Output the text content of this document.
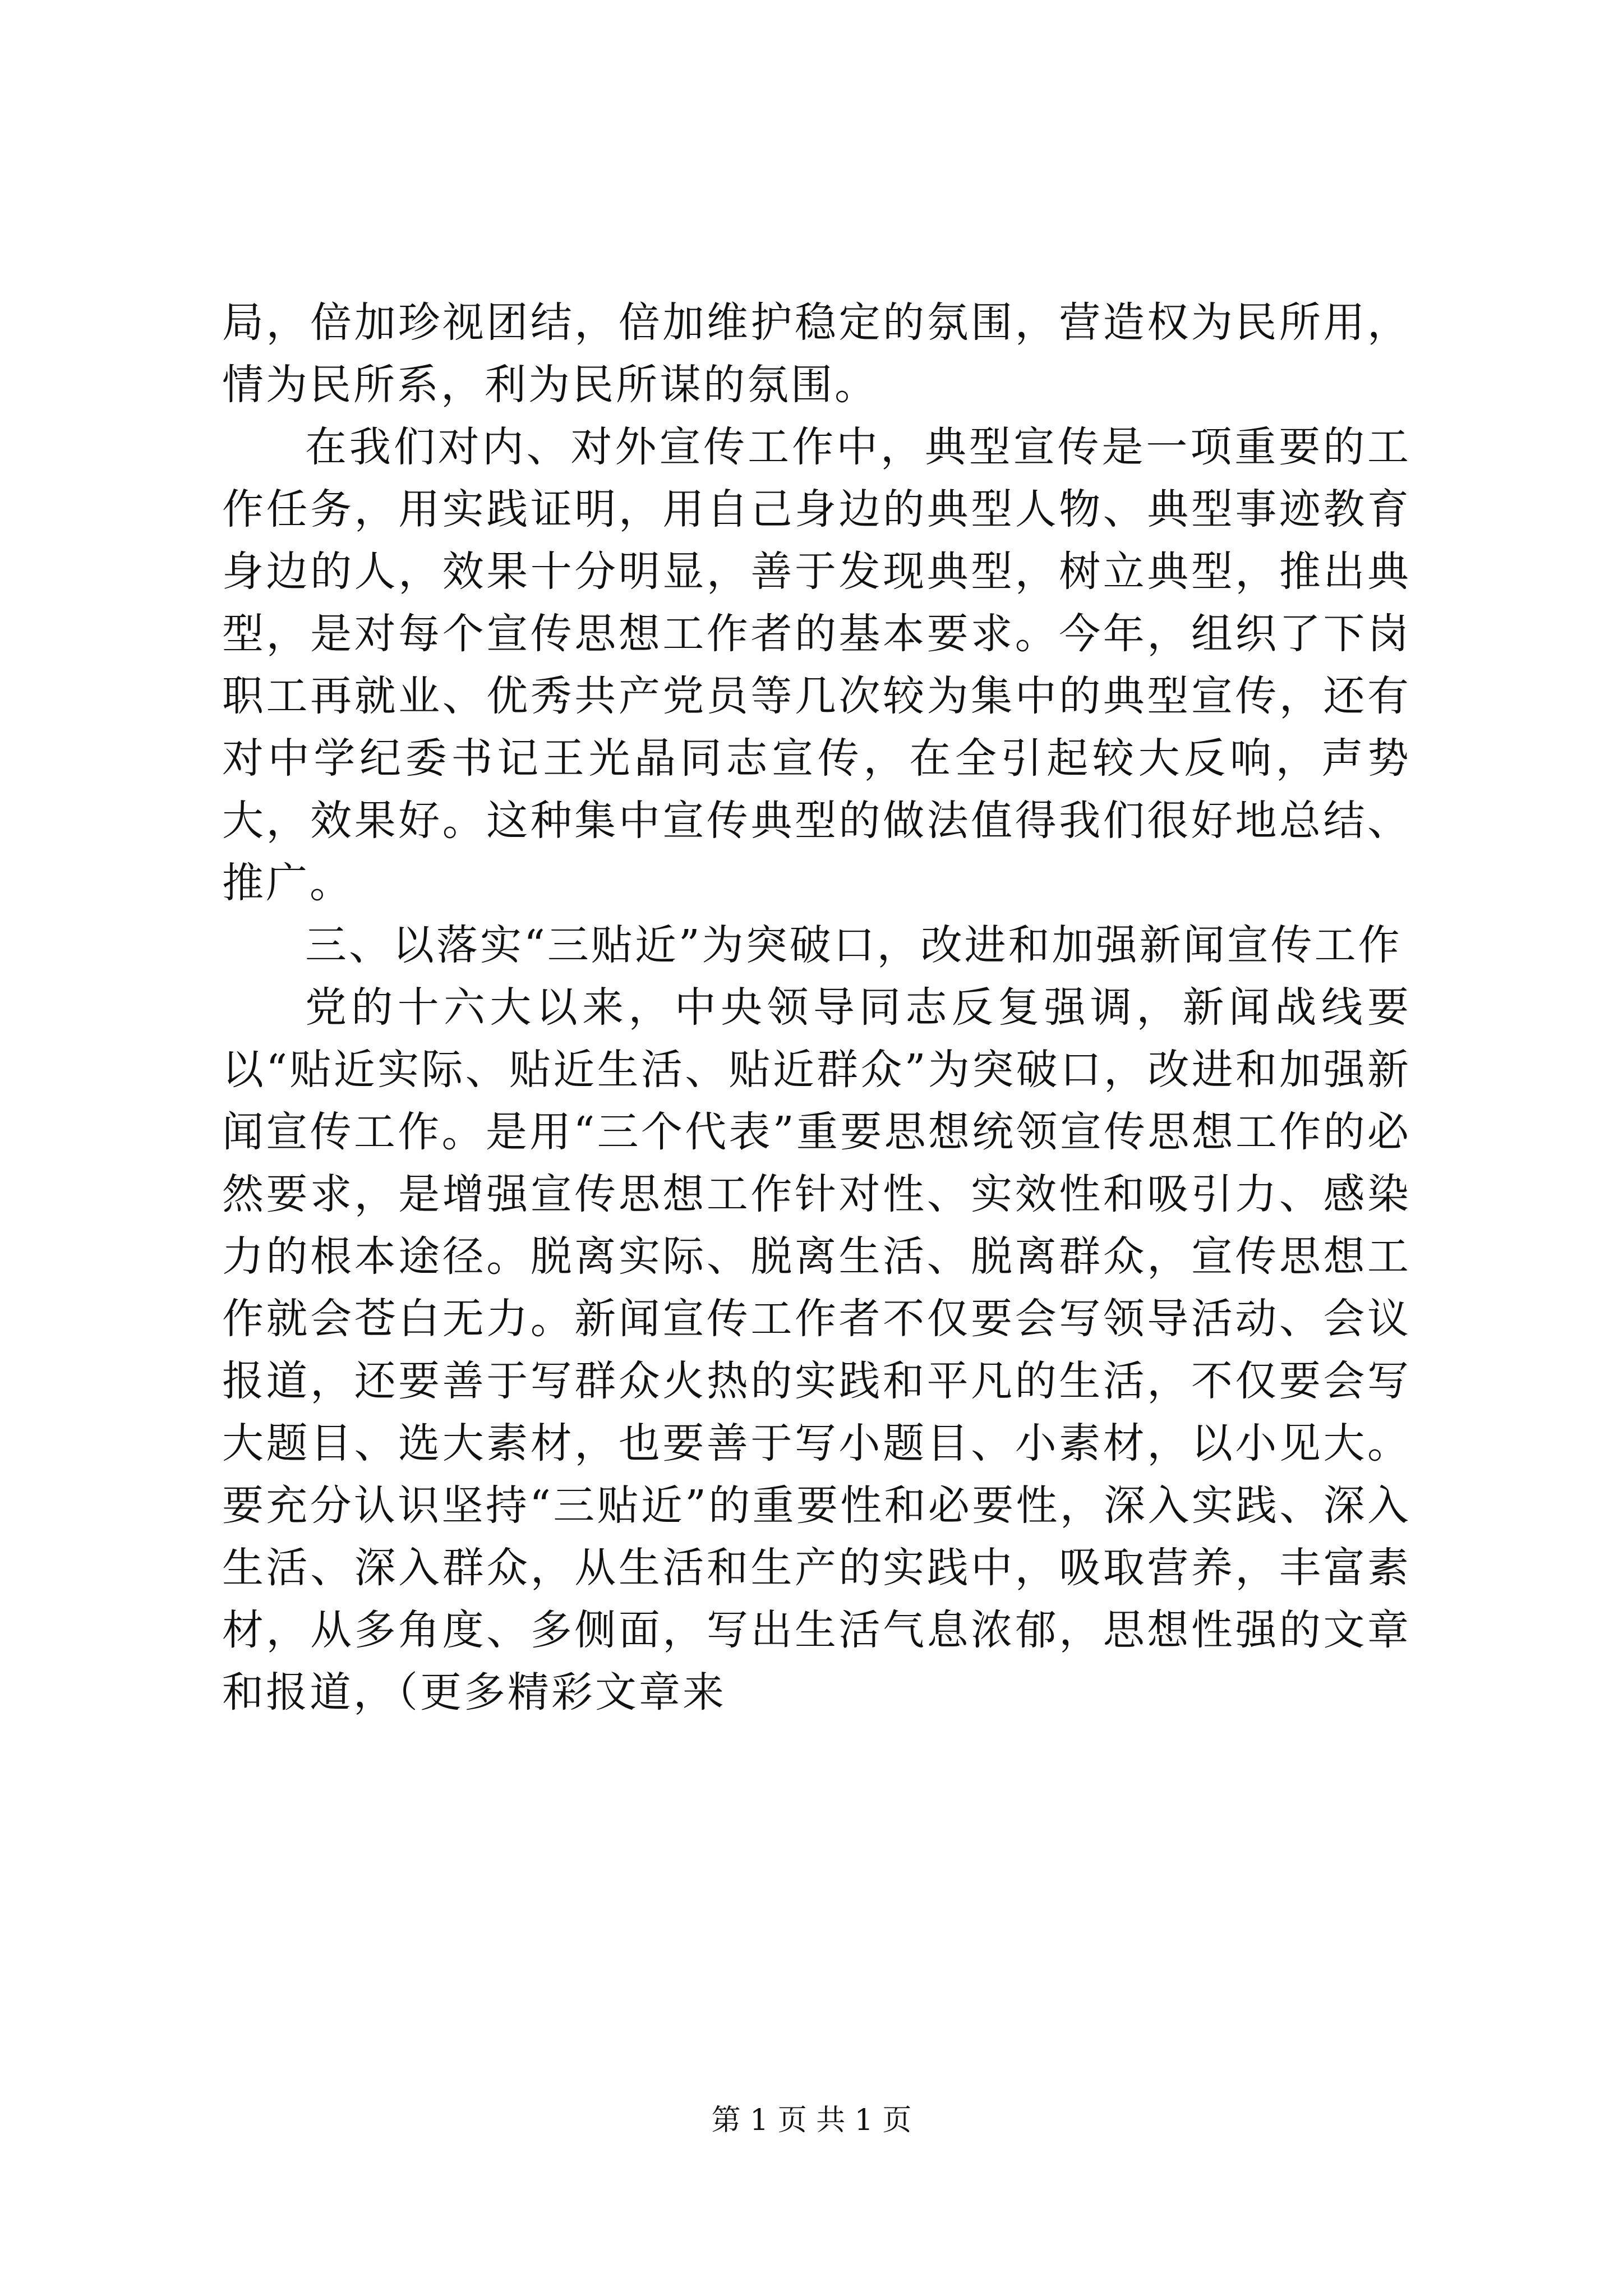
局，倍加珍视团结，倍加维护稳定的氛围，营造权为民所用，情为民所系，利为民所谋的氛围。

在我们对内、对外宣传工作中，典型宣传是一项重要的工作任务，用实践证明，用自己身边的典型人物、典型事迹教育身边的人，效果十分明显，善于发现典型，树立典型，推出典型，是对每个宣传思想工作者的基本要求。今年，组织了下岗职工再就业、优秀共产党员等几次较为集中的典型宣传，还有对中学纪委书记王光晶同志宣传，在全引起较大反响，声势大，效果好。这种集中宣传典型的做法值得我们很好地总结、推广。

三、以落实“三贴近”为突破口，改进和加强新闻宣传工作

党的十六大以来，中央领导同志反复强调，新闻战线要以“贴近实际、贴近生活、贴近群众”为突破口，改进和加强新闻宣传工作。是用“三个代表”重要思想统领宣传思想工作的必然要求，是增强宣传思想工作针对性、实效性和吸引力、感染力的根本途径。脱离实际、脱离生活、脱离群众，宣传思想工作就会苍白无力。新闻宣传工作者不仅要会写领导活动、会议报道，还要善于写群众火热的实践和平凡的生活，不仅要会写大题目、选大素材，也要善于写小题目、小素材，以小见大。要充分认识坚持“三贴近”的重要性和必要性，深入实践、深入生活、深入群众，从生活和生产的实践中，吸取营养，丰富素材，从多角度、多侧面，写出生活气息浓郁，思想性强的文章和报道，（更多精彩文章来

第 1 页 共 1 页
